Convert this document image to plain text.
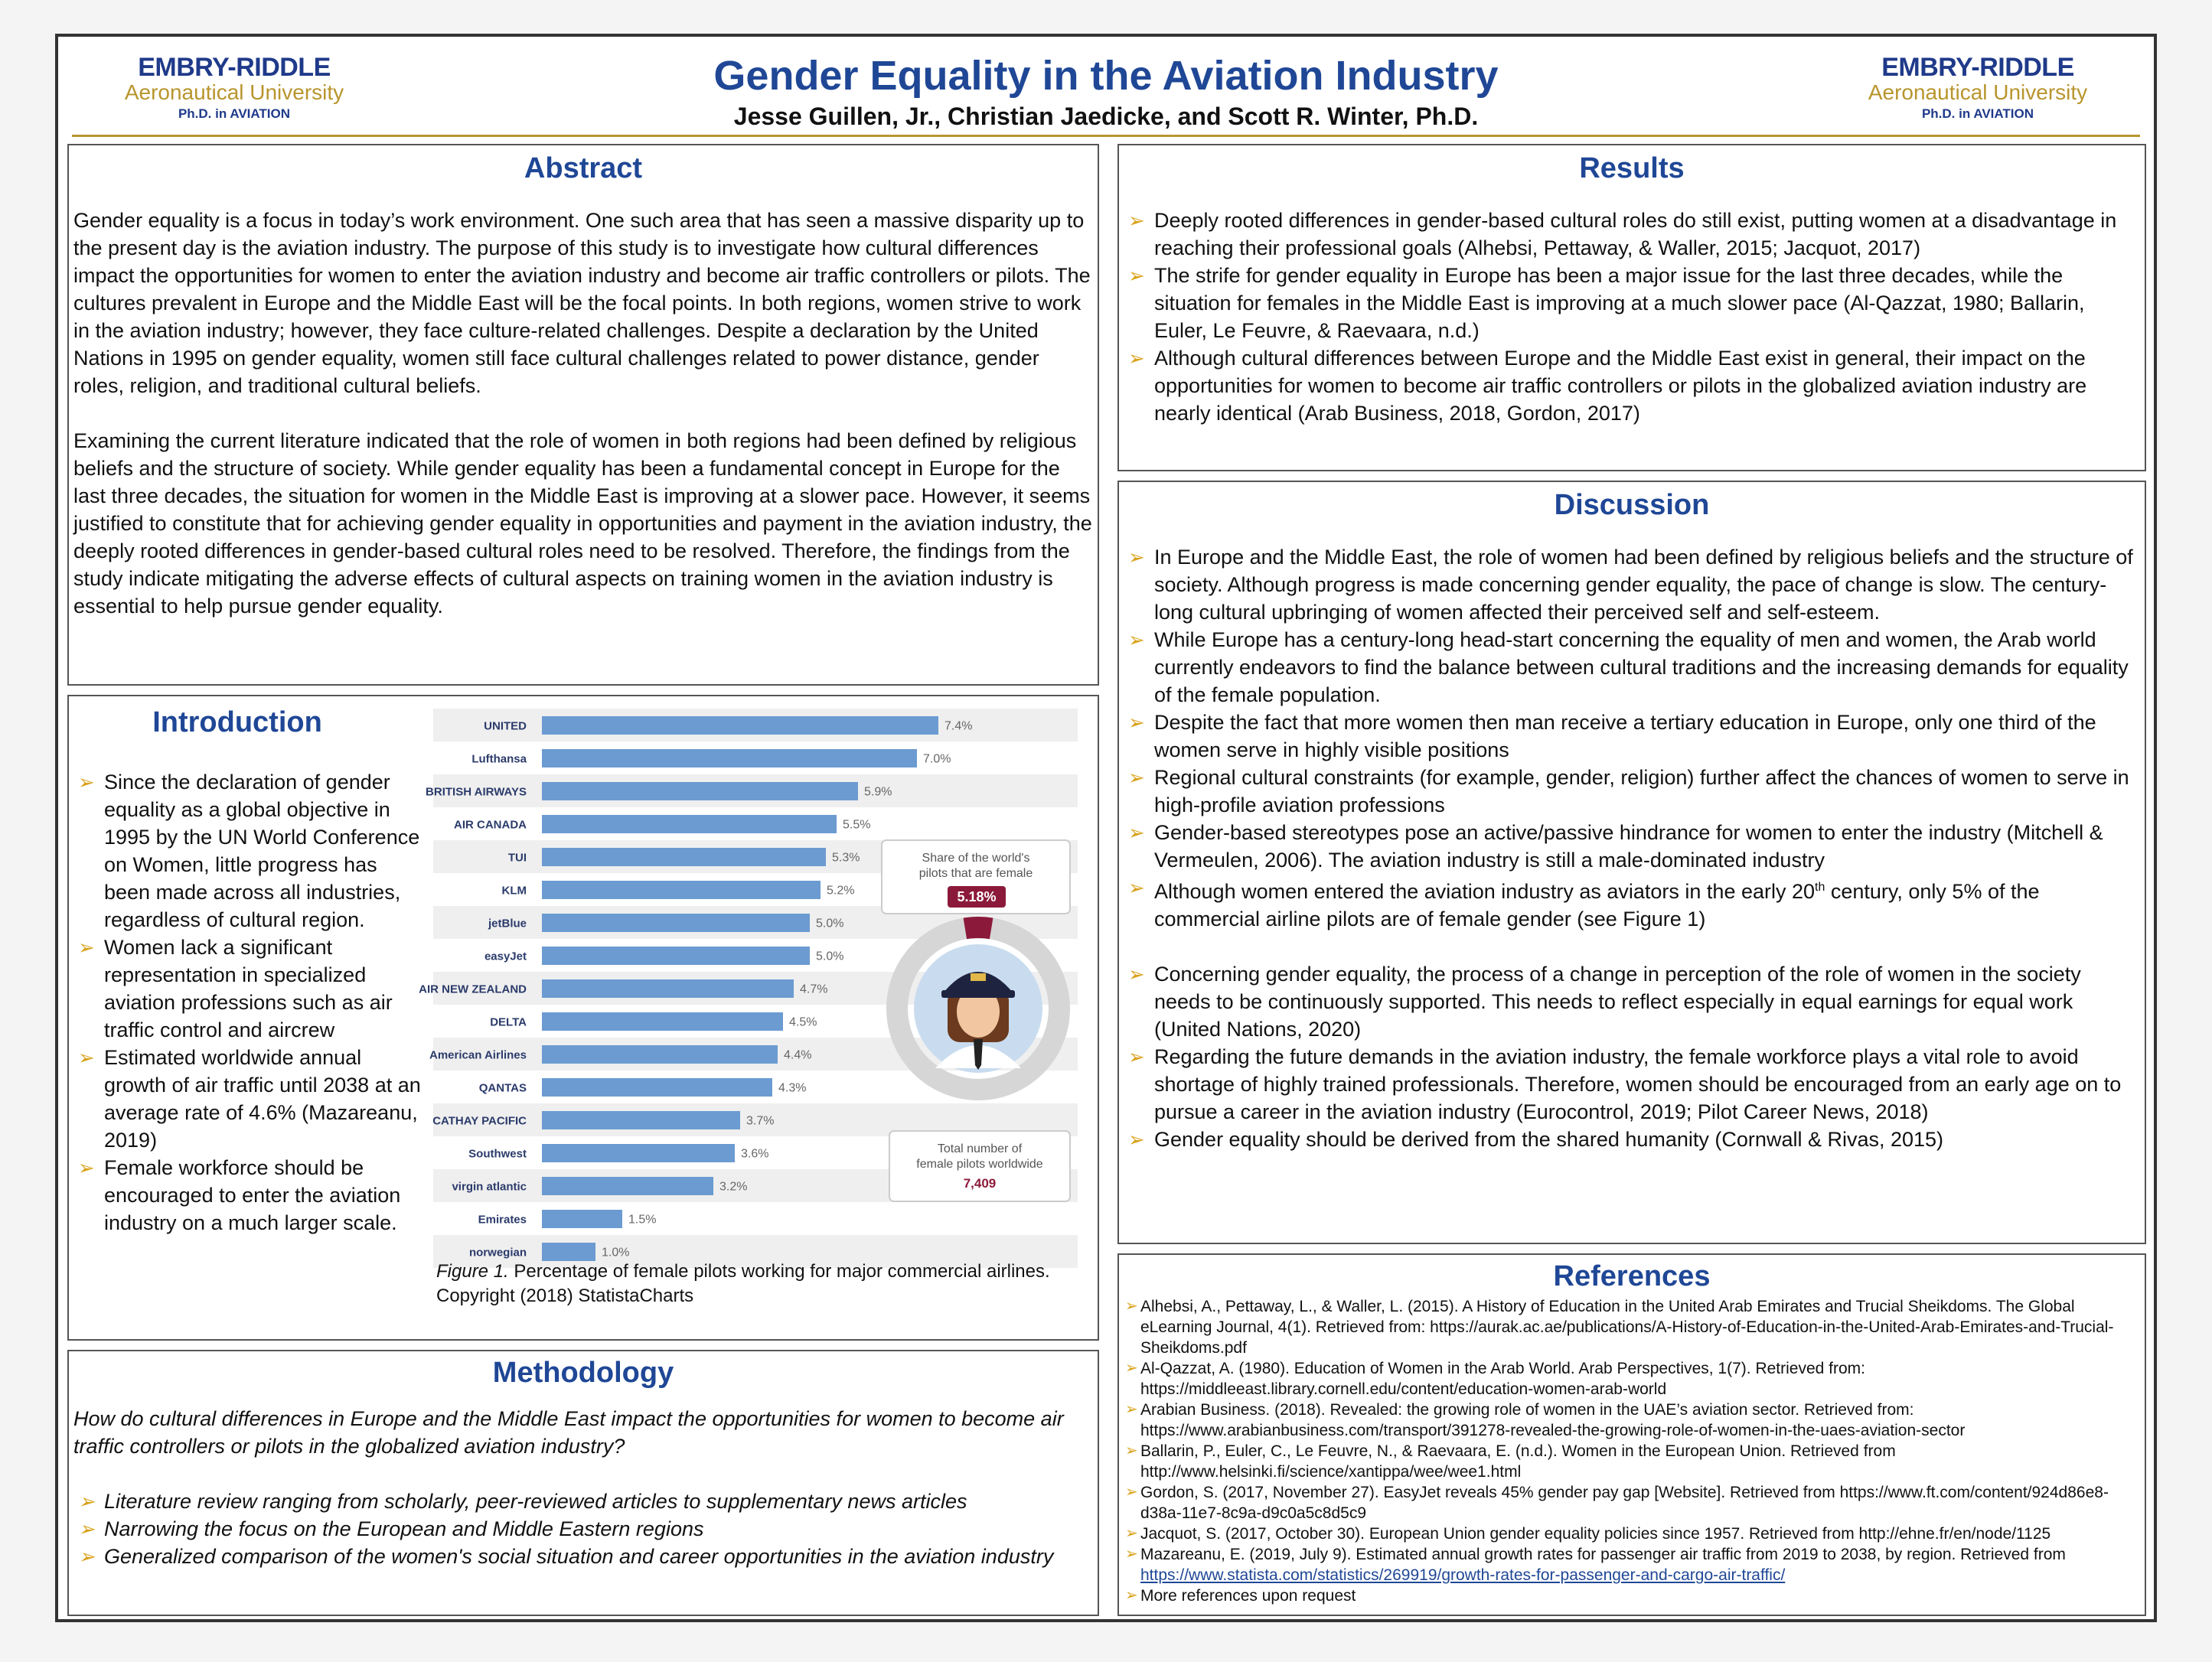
EMBRY-RIDDLE
Aeronautical University
Ph.D. in AVIATION
Gender Equality in the Aviation Industry
Jesse Guillen, Jr., Christian Jaedicke, and Scott R. Winter, Ph.D.
EMBRY-RIDDLE
Aeronautical University
Ph.D. in AVIATION
Abstract

Gender equality is a focus in today’s work environment. One such area that has seen a massive disparity up to the present day is the aviation industry. The purpose of this study is to investigate how cultural differences impact the opportunities for women to enter the aviation industry and become air traffic controllers or pilots. The cultures prevalent in Europe and the Middle East will be the focal points. In both regions, women strive to work in the aviation industry; however, they face culture-related challenges. Despite a declaration by the United Nations in 1995 on gender equality, women still face cultural challenges related to power distance, gender roles, religion, and traditional cultural beliefs.

Examining the current literature indicated that the role of women in both regions had been defined by religious beliefs and the structure of society. While gender equality has been a fundamental concept in Europe for the last three decades, the situation for women in the Middle East is improving at a slower pace. However, it seems justified to constitute that for achieving gender equality in opportunities and payment in the aviation industry, the deeply rooted differences in gender-based cultural roles need to be resolved. Therefore, the findings from the study indicate mitigating the adverse effects of cultural aspects on training women in the aviation industry is essential to help pursue gender equality.

Introduction
➢ Since the declaration of gender equality as a global objective in 1995 by the UN World Conference on Women, little progress has been made across all industries, regardless of cultural region.
➢ Women lack a significant representation in specialized aviation professions such as air traffic control and aircrew
➢ Estimated worldwide annual growth of air traffic until 2038 at an average rate of 4.6% (Mazareanu, 2019)
➢ Female workforce should be encouraged to enter the aviation industry on a much larger scale.
UNITED	7.4%
Lufthansa	7.0%
BRITISH AIRWAYS	5.9%
AIR CANADA	5.5%
TUI	5.3%
KLM	5.2%
jetBlue	5.0%
easyJet	5.0%
AIR NEW ZEALAND	4.7%
DELTA	4.5%
American Airlines	4.4%
QANTAS	4.3%
CATHAY PACIFIC	3.7%
Southwest	3.6%
virgin atlantic	3.2%
Emirates	1.5%
norwegian	1.0%
Share of the world's pilots that are female
5.18%
Total number of female pilots worldwide
7,409
Figure 1. Percentage of female pilots working for major commercial airlines. Copyright (2018) StatistaCharts
Methodology

How do cultural differences in Europe and the Middle East impact the opportunities for women to become air traffic controllers or pilots in the globalized aviation industry?

➢ Literature review ranging from scholarly, peer-reviewed articles to supplementary news articles
➢ Narrowing the focus on the European and Middle Eastern regions
➢ Generalized comparison of the women's social situation and career opportunities in the aviation industry
Results
➢ Deeply rooted differences in gender-based cultural roles do still exist, putting women at a disadvantage in reaching their professional goals (Alhebsi, Pettaway, & Waller, 2015; Jacquot, 2017)
➢ The strife for gender equality in Europe has been a major issue for the last three decades, while the situation for females in the Middle East is improving at a much slower pace (Al-Qazzat, 1980; Ballarin, Euler, Le Feuvre, & Raevaara, n.d.)
➢ Although cultural differences between Europe and the Middle East exist in general, their impact on the opportunities for women to become air traffic controllers or pilots in the globalized aviation industry are nearly identical (Arab Business, 2018, Gordon, 2017)
Discussion
➢ In Europe and the Middle East, the role of women had been defined by religious beliefs and the structure of society. Although progress is made concerning gender equality, the pace of change is slow. The century-long cultural upbringing of women affected their perceived self and self-esteem.
➢ While Europe has a century-long head-start concerning the equality of men and women, the Arab world currently endeavors to find the balance between cultural traditions and the increasing demands for equality of the female population.
➢ Despite the fact that more women then man receive a tertiary education in Europe, only one third of the women serve in highly visible positions
➢ Regional cultural constraints (for example, gender, religion) further affect the chances of women to serve in high-profile aviation professions
➢ Gender-based stereotypes pose an active/passive hindrance for women to enter the industry (Mitchell & Vermeulen, 2006). The aviation industry is still a male-dominated industry
➢ Although women entered the aviation industry as aviators in the early 20th century, only 5% of the commercial airline pilots are of female gender (see Figure 1)
➢ Concerning gender equality, the process of a change in perception of the role of women in the society needs to be continuously supported. This needs to reflect especially in equal earnings for equal work (United Nations, 2020)
➢ Regarding the future demands in the aviation industry, the female workforce plays a vital role to avoid shortage of highly trained professionals. Therefore, women should be encouraged from an early age on to pursue a career in the aviation industry (Eurocontrol, 2019; Pilot Career News, 2018)
➢ Gender equality should be derived from the shared humanity (Cornwall & Rivas, 2015)
References
➢ Alhebsi, A., Pettaway, L., & Waller, L. (2015). A History of Education in the United Arab Emirates and Trucial Sheikdoms. The Global eLearning Journal, 4(1). Retrieved from: https://aurak.ac.ae/publications/A-History-of-Education-in-the-United-Arab-Emirates-and-Trucial-Sheikdoms.pdf
➢ Al-Qazzat, A. (1980). Education of Women in the Arab World. Arab Perspectives, 1(7). Retrieved from: https://middleeast.library.cornell.edu/content/education-women-arab-world
➢ Arabian Business. (2018). Revealed: the growing role of women in the UAE’s aviation sector. Retrieved from: https://www.arabianbusiness.com/transport/391278-revealed-the-growing-role-of-women-in-the-uaes-aviation-sector
➢ Ballarin, P., Euler, C., Le Feuvre, N., & Raevaara, E. (n.d.). Women in the European Union. Retrieved from http://www.helsinki.fi/science/xantippa/wee/wee1.html
➢ Gordon, S. (2017, November 27). EasyJet reveals 45% gender pay gap [Website]. Retrieved from https://www.ft.com/content/924d86e8-d38a-11e7-8c9a-d9c0a5c8d5c9
➢ Jacquot, S. (2017, October 30). European Union gender equality policies since 1957. Retrieved from http://ehne.fr/en/node/1125
➢ Mazareanu, E. (2019, July 9). Estimated annual growth rates for passenger air traffic from 2019 to 2038, by region. Retrieved from https://www.statista.com/statistics/269919/growth-rates-for-passenger-and-cargo-air-traffic/
➢ More references upon request
